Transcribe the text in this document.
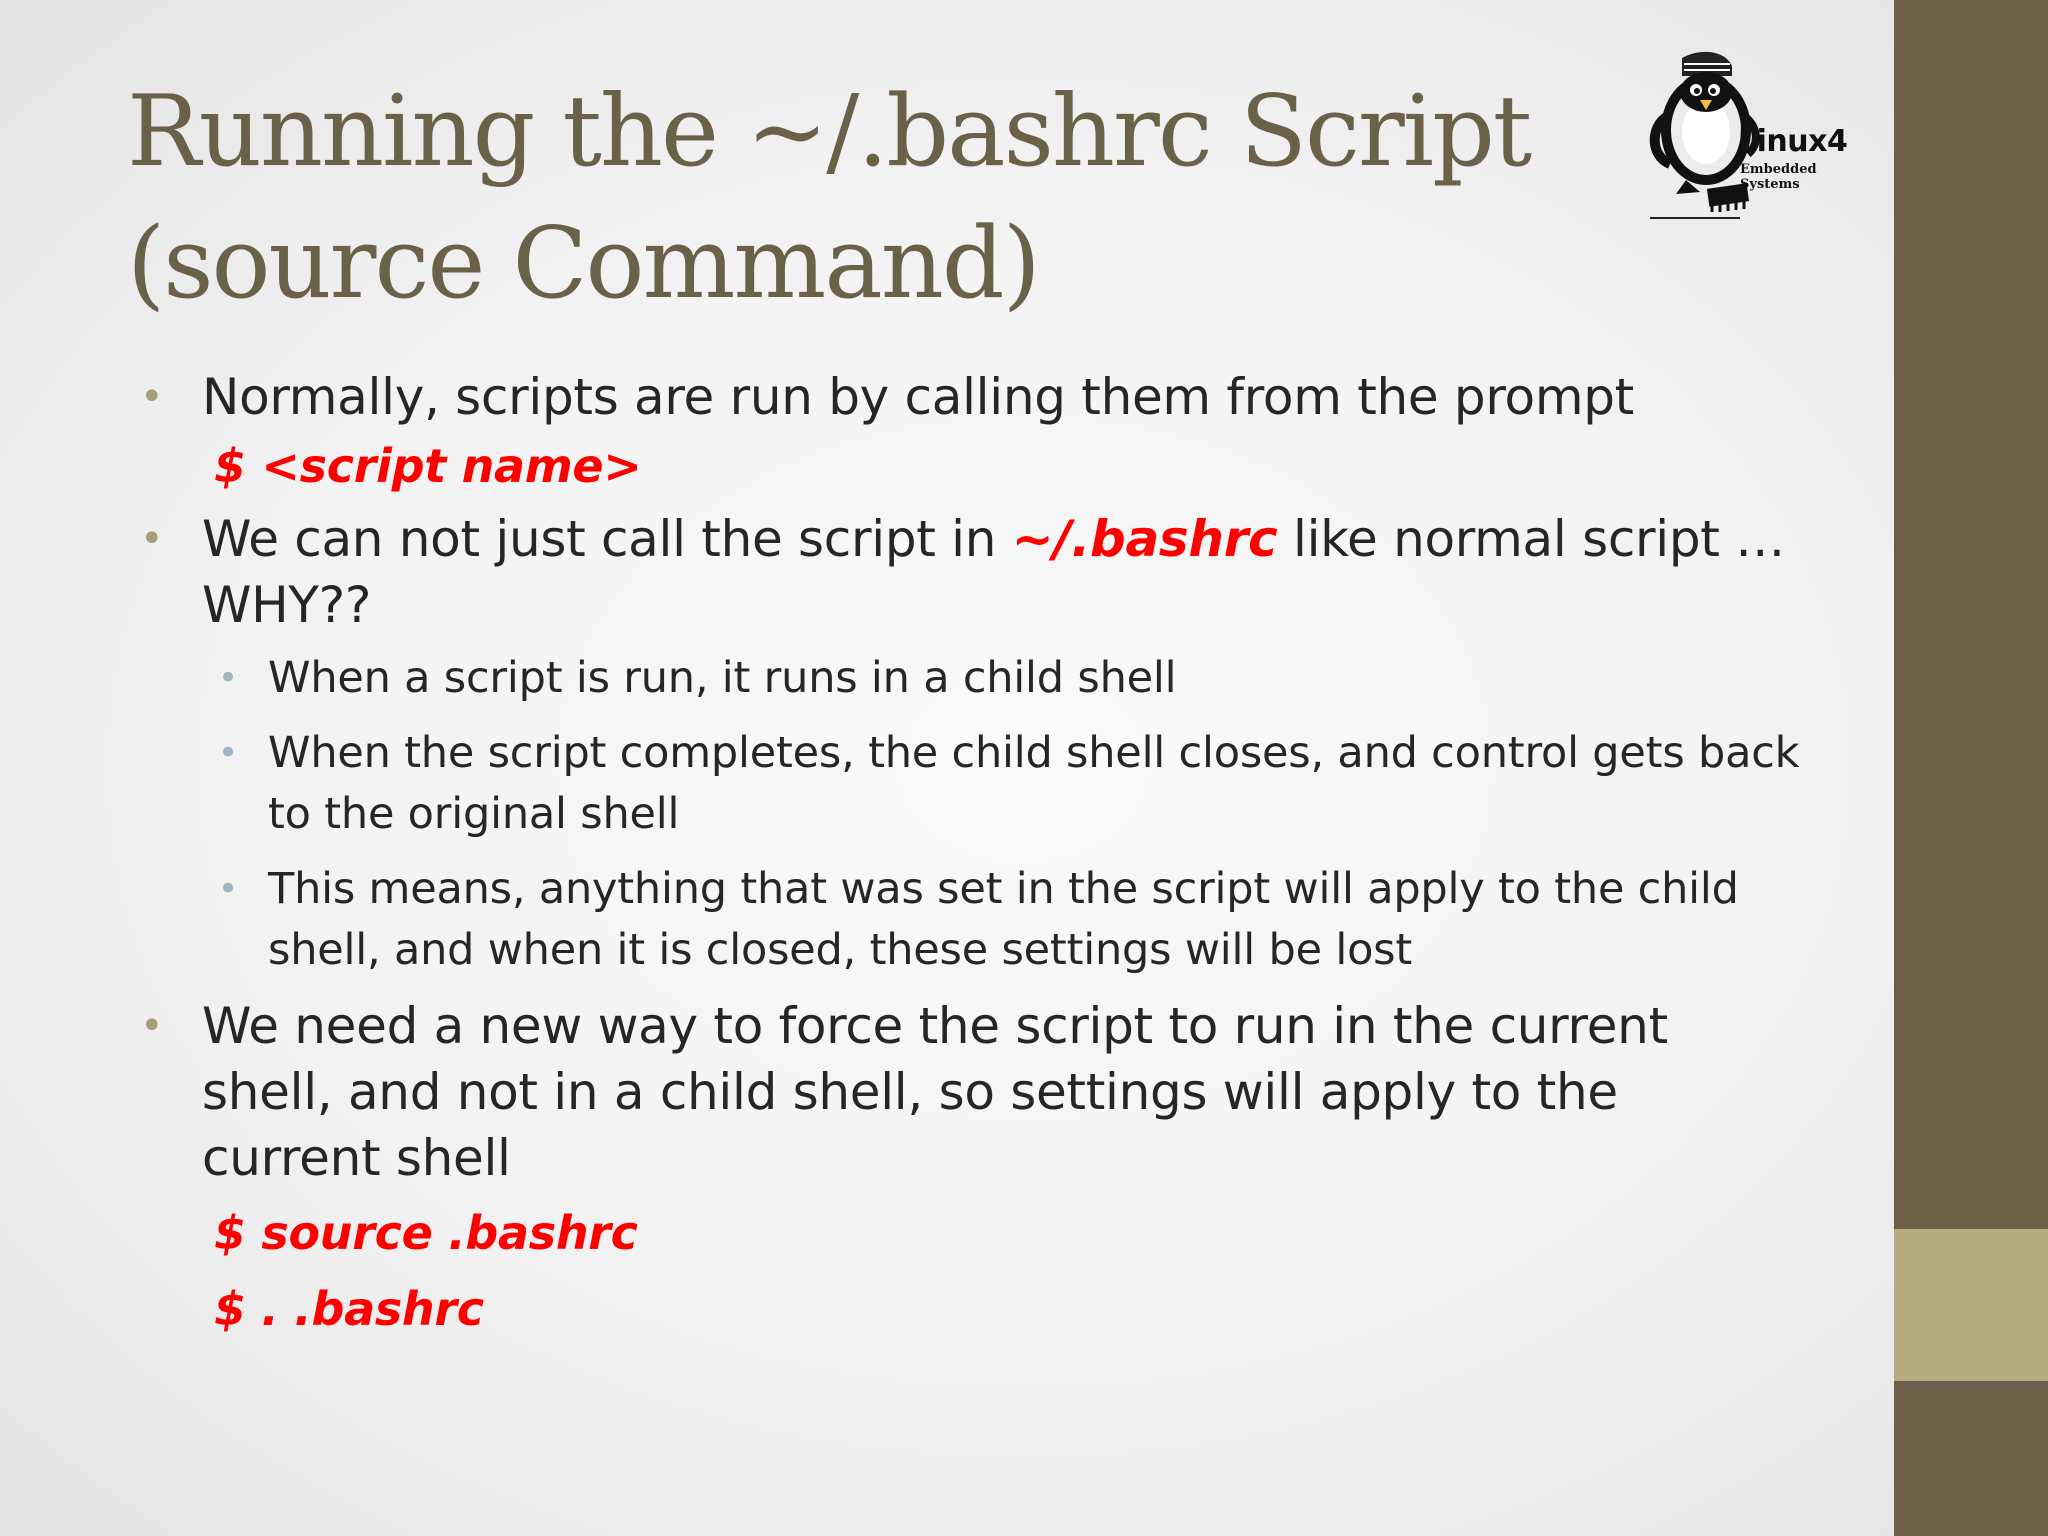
Running the ~/.bashrc Script
(source Command)
Linux4
Embedded Systems

• Normally, scripts are run by calling them from the prompt

$ <script name>

• We can not just call the script in ~/.bashrc like normal script … WHY??

• When a script is run, it runs in a child shell

• When the script completes, the child shell closes, and control gets back to the original shell

• This means, anything that was set in the script will apply to the child shell, and when it is closed, these settings will be lost

• We need a new way to force the script to run in the current shell, and not in a child shell, so settings will apply to the current shell

$ source .bashrc

$ . .bashrc
